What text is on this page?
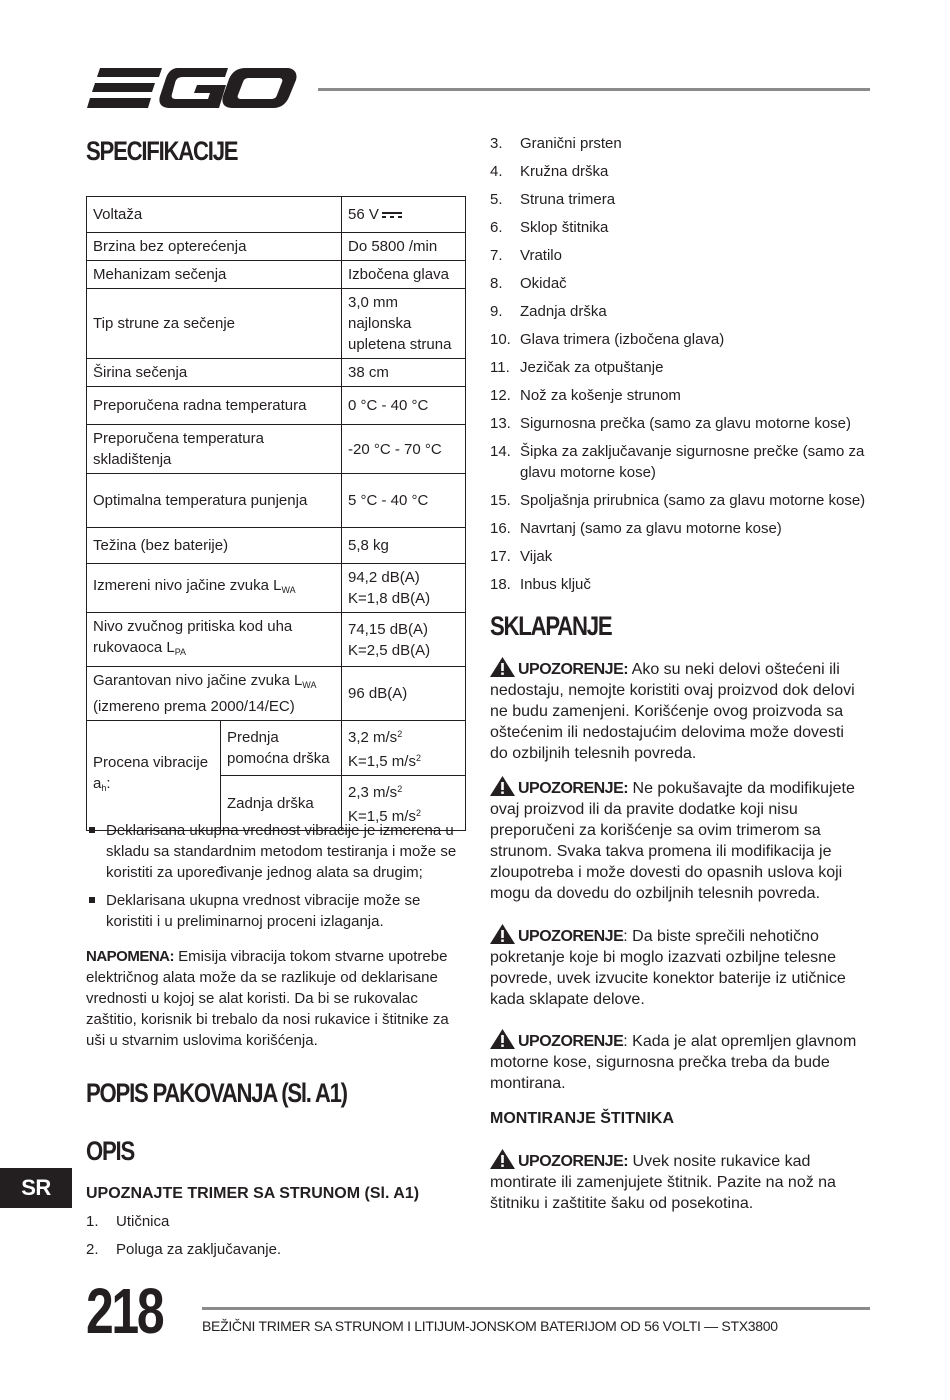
SPECIFIKACIJE
Voltaža		56 V

Brzina bez opterećenja		Do 5800 /min
Mehanizam sečenja		Izbočena glava
Tip strune za sečenje		3,0 mm najlonska upletena struna
Širina sečenja		38 cm
Preporučena radna temperatura		0 °C - 40 °C
Preporučena temperatura skladištenja		-20 °C - 70 °C
Optimalna temperatura punjenja		5 °C - 40 °C
Težina (bez baterije)		5,8 kg
Izmereni nivo jačine zvuka $L_{WA}$		94,2 dB(A)
K=1,8 dB(A)
Nivo zvučnog pritiska kod uha rukovaoca $L_{PA}$		74,15 dB(A)
K=2,5 dB(A)
Garantovan nivo jačine zvuka $L_{WA}$
(izmereno prema 2000/14/EC)		96 dB(A)
Procena vibracije $a_h$:	Prednja pomoćna drška	3,2 $m/s^2$
K=1,5 $m/s^2$
	Zadnja drška	2,3 $m/s^2$
K=1,5 $m/s^2$
Deklarisana ukupna vrednost vibracije je izmerena u skladu sa standardnim metodom testiranja i može se koristiti za upoređivanje jednog alata sa drugim;
Deklarisana ukupna vrednost vibracije može se koristiti i u preliminarnoj proceni izlaganja.

NAPOMENA: Emisija vibracija tokom stvarne upotrebe električnog alata može da se razlikuje od deklarisane vrednosti u kojoj se alat koristi. Da bi se rukovalac zaštitio, korisnik bi trebalo da nosi rukavice i štitnike za uši u stvarnim uslovima korišćenja.

POPIS PAKOVANJA (Sl. A1)
OPIS
UPOZNAJTE TRIMER SA STRUNOM (Sl. A1)
1. Utičnica
2. Poluga za zaključavanje.
3. Granični prsten
4. Kružna drška
5. Struna trimera
6. Sklop štitnika
7. Vratilo
8. Okidač
9. Zadnja drška
10. Glava trimera (izbočena glava)
11. Jezičak za otpuštanje
12. Nož za košenje strunom
13. Sigurnosna prečka (samo za glavu motorne kose)
14. Šipka za zaključavanje sigurnosne prečke (samo za glavu motorne kose)
15. Spoljašnja prirubnica (samo za glavu motorne kose)
16. Navrtanj (samo za glavu motorne kose)
17. Vijak
18. Inbus ključ
SKLAPANJE

UPOZORENJE: Ako su neki delovi oštećeni ili nedostaju, nemojte koristiti ovaj proizvod dok delovi ne budu zamenjeni. Korišćenje ovog proizvoda sa oštećenim ili nedostajućim delovima može dovesti do ozbiljnih telesnih povreda.

UPOZORENJE: Ne pokušavajte da modifikujete ovaj proizvod ili da pravite dodatke koji nisu preporučeni za korišćenje sa ovim trimerom sa strunom. Svaka takva promena ili modifikacija je zloupotreba i može dovesti do opasnih uslova koji mogu da dovedu do ozbiljnih telesnih povreda.

UPOZORENJE: Da biste sprečili nehotično pokretanje koje bi moglo izazvati ozbiljne telesne povrede, uvek izvucite konektor baterije iz utičnice kada sklapate delove.

UPOZORENJE: Kada je alat opremljen glavnom motorne kose, sigurnosna prečka treba da bude montirana.

MONTIRANJE ŠTITNIKA

UPOZORENJE: Uvek nosite rukavice kad montirate ili zamenjujete štitnik. Pazite na nož na štitniku i zaštitite šaku od posekotina.

SR
218	BEŽIČNI TRIMER SA STRUNOM I LITIJUM-JONSKOM BATERIJOM OD 56 VOLTI — STX3800
